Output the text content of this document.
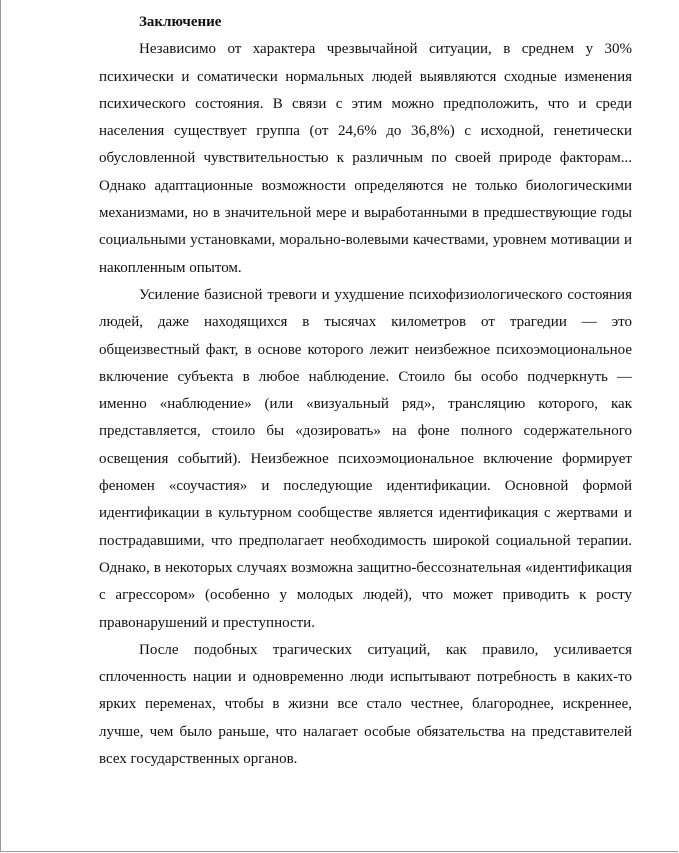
Заключение

Независимо от характера чрезвычайной ситуации, в среднем у 30% психически и соматически нормальных людей выявляются сходные изменения психического состояния. В связи с этим можно предположить, что и среди населения существует группа (от 24,6% до 36,8%) с исходной, генетически обусловленной чувствительностью к различным по своей природе факторам... Однако адаптационные возможности определяются не только биологическими механизмами, но в значительной мере и выработанными в предшествующие годы социальными установками, морально-волевыми качествами, уровнем мотивации и накопленным опытом.

Усиление базисной тревоги и ухудшение психофизиологического состояния людей, даже находящихся в тысячах километров от трагедии — это общеизвестный факт, в основе которого лежит неизбежное психоэмоциональное включение субъекта в любое наблюдение. Стоило бы особо подчеркнуть — именно «наблюдение» (или «визуальный ряд», трансляцию которого, как представляется, стоило бы «дозировать» на фоне полного содержательного освещения событий). Неизбежное психоэмоциональное включение формирует феномен «соучастия» и последующие идентификации. Основной формой идентификации в культурном сообществе является идентификация с жертвами и пострадавшими, что предполагает необходимость широкой социальной терапии. Однако, в некоторых случаях возможна защитно-бессознательная «идентификация с агрессором» (особенно у молодых людей), что может приводить к росту правонарушений и преступности.

После подобных трагических ситуаций, как правило, усиливается сплоченность нации и одновременно люди испытывают потребность в каких-то ярких переменах, чтобы в жизни все стало честнее, благороднее, искреннее, лучше, чем было раньше, что налагает особые обязательства на представителей всех государственных органов.
